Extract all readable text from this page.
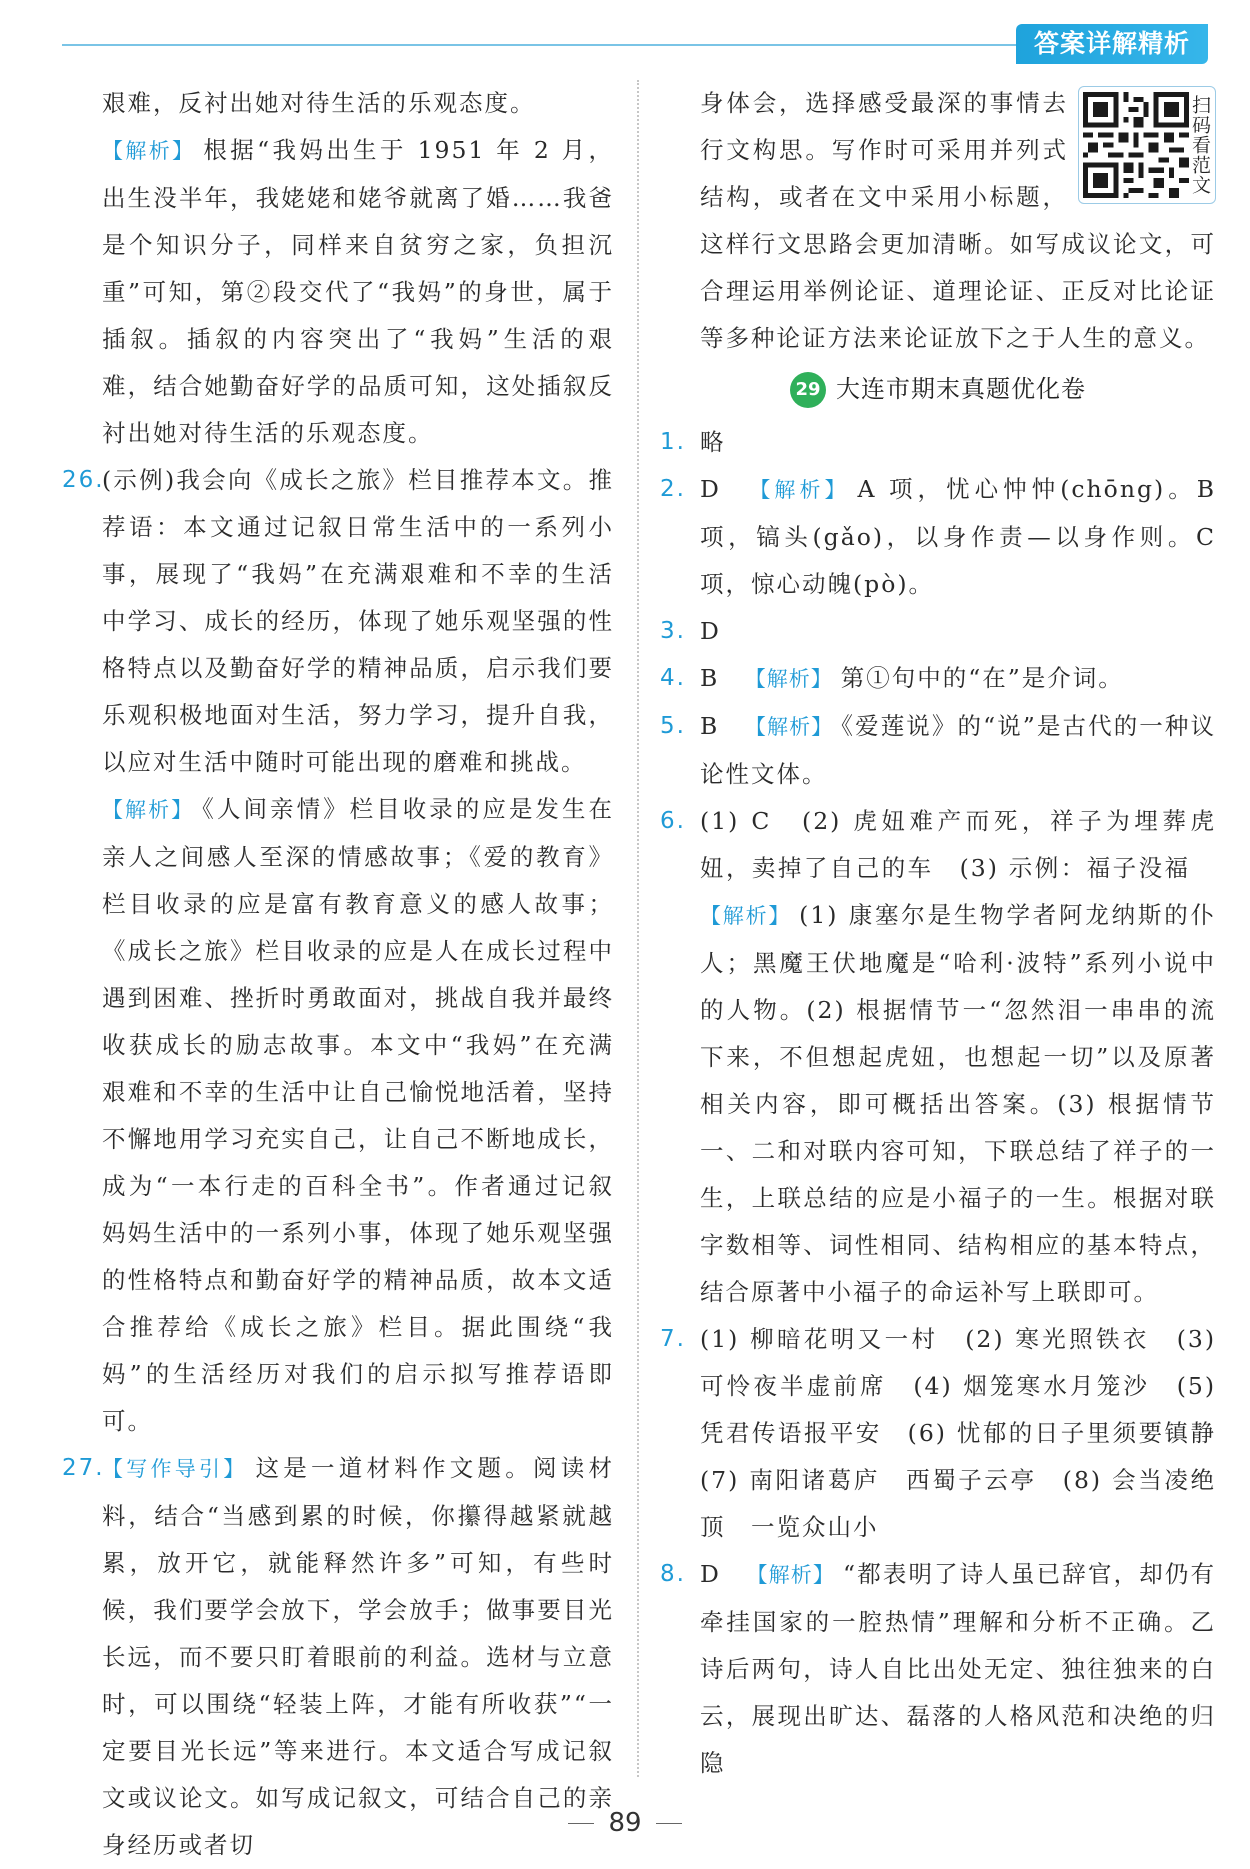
答案详解精析

艰难，反衬出她对待生活的乐观态度。

【解析】 根据“我妈出生于 1951 年 2 月，出生没半年，我姥姥和姥爷就离了婚……我爸是个知识分子，同样来自贫穷之家，负担沉重”可知，第②段交代了“我妈”的身世，属于插叙。插叙的内容突出了“我妈”生活的艰难，结合她勤奋好学的品质可知，这处插叙反衬出她对待生活的乐观态度。

26.

(示例)我会向《成长之旅》栏目推荐本文。推荐语：本文通过记叙日常生活中的一系列小事，展现了“我妈”在充满艰难和不幸的生活中学习、成长的经历，体现了她乐观坚强的性格特点以及勤奋好学的精神品质，启示我们要乐观积极地面对生活，努力学习，提升自我，以应对生活中随时可能出现的磨难和挑战。

【解析】 《人间亲情》栏目收录的应是发生在亲人之间感人至深的情感故事；《爱的教育》栏目收录的应是富有教育意义的感人故事；《成长之旅》栏目收录的应是人在成长过程中遇到困难、挫折时勇敢面对，挑战自我并最终收获成长的励志故事。本文中“我妈”在充满艰难和不幸的生活中让自己愉悦地活着，坚持不懈地用学习充实自己，让自己不断地成长，成为“一本行走的百科全书”。作者通过记叙妈妈生活中的一系列小事，体现了她乐观坚强的性格特点和勤奋好学的精神品质，故本文适合推荐给《成长之旅》栏目。据此围绕“我妈”的生活经历对我们的启示拟写推荐语即可。

27.

【写作导引】 这是一道材料作文题。阅读材料，结合“当感到累的时候，你攥得越紧就越累，放开它，就能释然许多”可知，有些时候，我们要学会放下，学会放手；做事要目光长远，而不要只盯着眼前的利益。选材与立意时，可以围绕“轻装上阵，才能有所收获”“一定要目光长远”等来进行。本文适合写成记叙文或议论文。如写成记叙文，可结合自己的亲身经历或者切

扫码看范文

身体会，选择感受最深的事情去行文构思。写作时可采用并列式结构，或者在文中采用小标题，这样行文思路会更加清晰。如写成议论文，可合理运用举例论证、道理论证、正反对比论证等多种论证方法来论证放下之于人生的意义。

29 大连市期末真题优化卷
1. 略

2. D  【解析】 A 项，忧心忡忡(chōng)。B 项，镐头(gǎo)，以身作责—以身作则。C 项，惊心动魄(pò)。

3. D

4. B  【解析】 第①句中的“在”是介词。

5. B  【解析】 《爱莲说》的“说”是古代的一种议论性文体。

6. (1) C　(2) 虎妞难产而死，祥子为埋葬虎妞，卖掉了自己的车　(3) 示例：福子没福 【解析】 (1) 康塞尔是生物学者阿龙纳斯的仆人；黑魔王伏地魔是“哈利·波特”系列小说中的人物。(2) 根据情节一“忽然泪一串串的流下来，不但想起虎妞，也想起一切”以及原著相关内容，即可概括出答案。(3) 根据情节一、二和对联内容可知，下联总结了祥子的一生，上联总结的应是小福子的一生。根据对联字数相等、词性相同、结构相应的基本特点，结合原著中小福子的命运补写上联即可。

7. (1) 柳暗花明又一村　(2) 寒光照铁衣　(3) 可怜夜半虚前席　(4) 烟笼寒水月笼沙　(5) 凭君传语报平安　(6) 忧郁的日子里须要镇静　(7) 南阳诸葛庐　西蜀子云亭　(8) 会当凌绝顶　一览众山小

8. D  【解析】 “都表明了诗人虽已辞官，却仍有牵挂国家的一腔热情”理解和分析不正确。乙诗后两句，诗人自比出处无定、独往独来的白云，展现出旷达、磊落的人格风范和决绝的归隐

89
